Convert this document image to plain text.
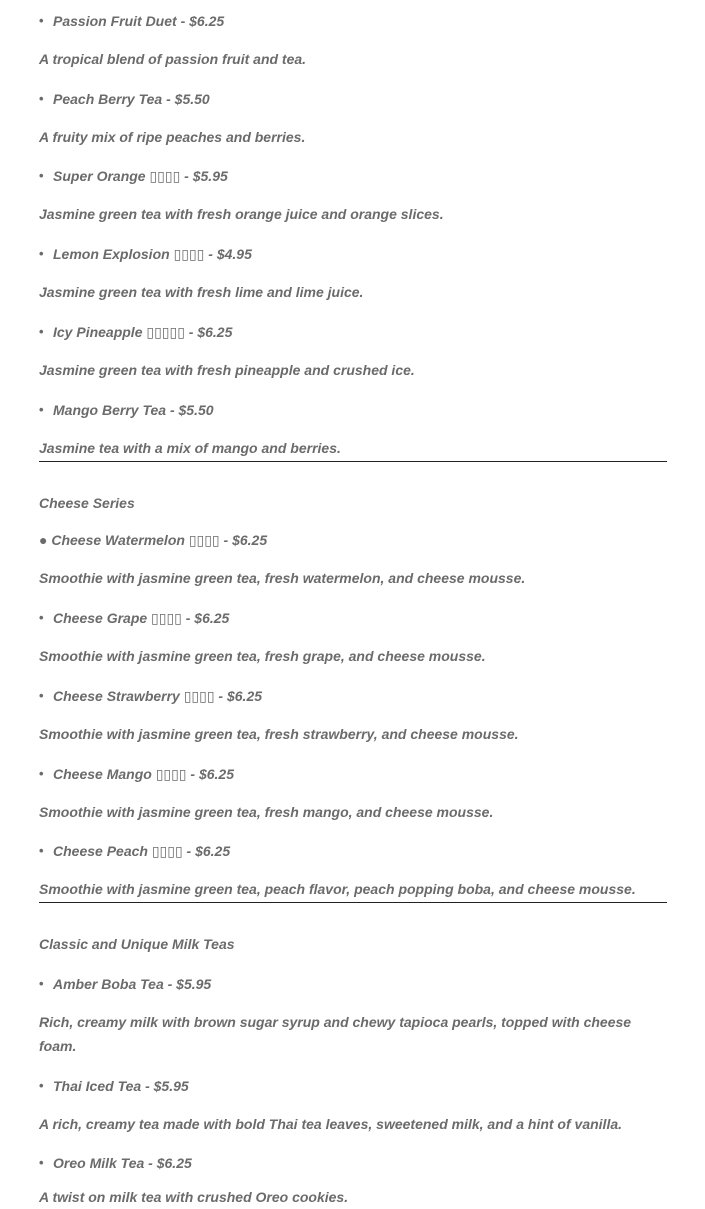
• Passion Fruit Duet - $6.25
A tropical blend of passion fruit and tea.
• Peach Berry Tea - $5.50
A fruity mix of ripe peaches and berries.
• Super Orange ▯▯▯▯ - $5.95
Jasmine green tea with fresh orange juice and orange slices.
• Lemon Explosion ▯▯▯▯ - $4.95
Jasmine green tea with fresh lime and lime juice.
• Icy Pineapple ▯▯▯▯▯ - $6.25
Jasmine green tea with fresh pineapple and crushed ice.
• Mango Berry Tea - $5.50
Jasmine tea with a mix of mango and berries.
Cheese Series
● Cheese Watermelon ▯▯▯▯ - $6.25
Smoothie with jasmine green tea, fresh watermelon, and cheese mousse.
• Cheese Grape ▯▯▯▯ - $6.25
Smoothie with jasmine green tea, fresh grape, and cheese mousse.
• Cheese Strawberry ▯▯▯▯ - $6.25
Smoothie with jasmine green tea, fresh strawberry, and cheese mousse.
• Cheese Mango ▯▯▯▯ - $6.25
Smoothie with jasmine green tea, fresh mango, and cheese mousse.
• Cheese Peach ▯▯▯▯ - $6.25
Smoothie with jasmine green tea, peach flavor, peach popping boba, and cheese mousse.
Classic and Unique Milk Teas
• Amber Boba Tea - $5.95
Rich, creamy milk with brown sugar syrup and chewy tapioca pearls, topped with cheese foam.
• Thai Iced Tea - $5.95
A rich, creamy tea made with bold Thai tea leaves, sweetened milk, and a hint of vanilla.
• Oreo Milk Tea - $6.25
A twist on milk tea with crushed Oreo cookies.
